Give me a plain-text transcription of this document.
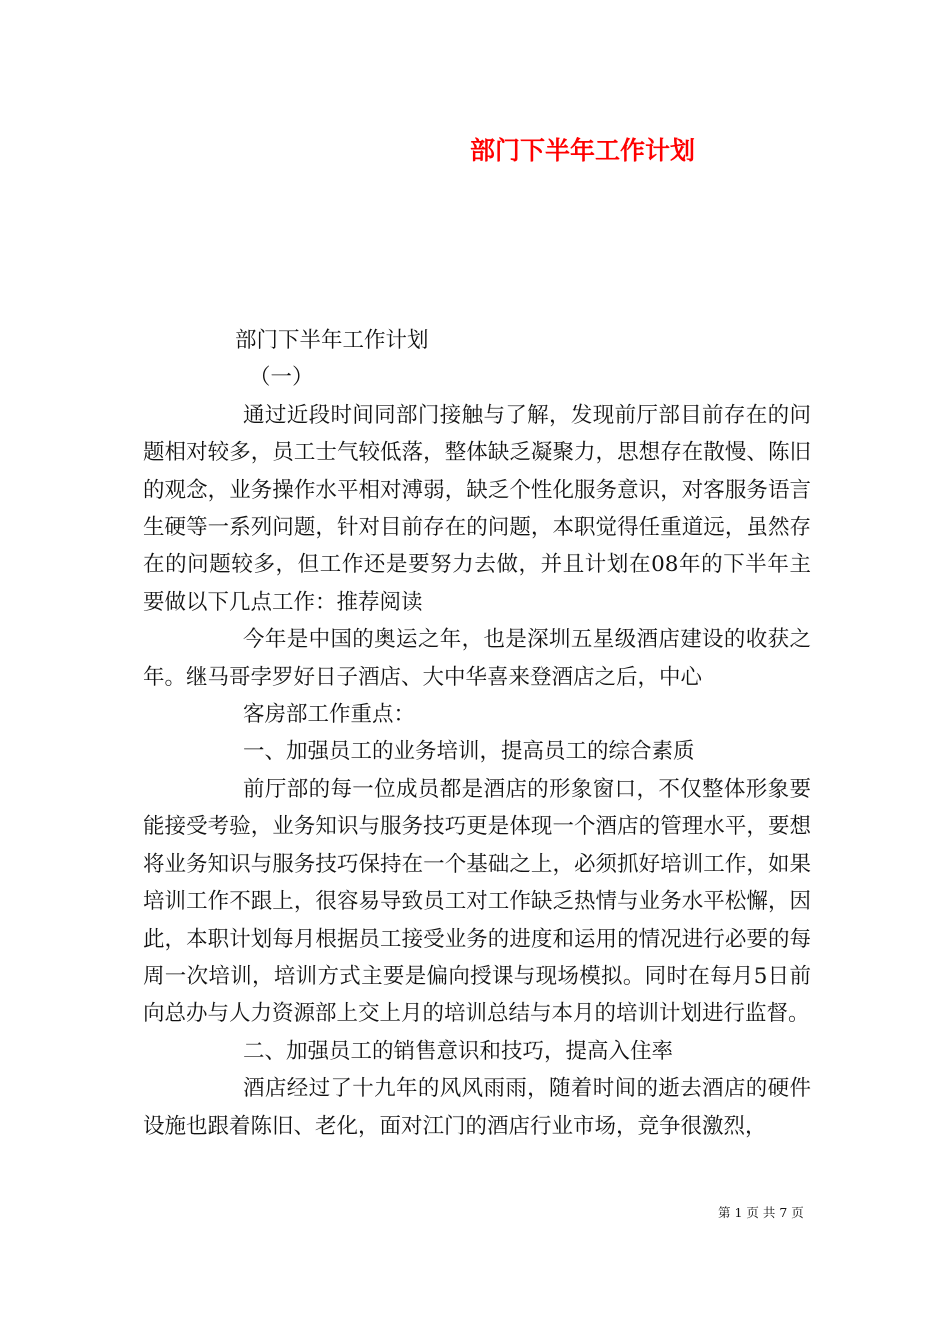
部门下半年工作计划

部门下半年工作计划

（一）

通过近段时间同部门接触与了解，发现前厅部目前存在的问题相对较多，员工士气较低落，整体缺乏凝聚力，思想存在散慢、陈旧的观念，业务操作水平相对溥弱，缺乏个性化服务意识，对客服务语言生硬等一系列问题，针对目前存在的问题，本职觉得任重道远，虽然存在的问题较多，但工作还是要努力去做，并且计划在08年的下半年主要做以下几点工作：推荐阅读

今年是中国的奥运之年，也是深圳五星级酒店建设的收获之年。继马哥孛罗好日子酒店、大中华喜来登酒店之后，中心

客房部工作重点：

一、加强员工的业务培训，提高员工的综合素质

前厅部的每一位成员都是酒店的形象窗口，不仅整体形象要能接受考验，业务知识与服务技巧更是体现一个酒店的管理水平，要想将业务知识与服务技巧保持在一个基础之上，必须抓好培训工作，如果培训工作不跟上，很容易导致员工对工作缺乏热情与业务水平松懈，因此，本职计划每月根据员工接受业务的进度和运用的情况进行必要的每周一次培训，培训方式主要是偏向授课与现场模拟。同时在每月5日前向总办与人力资源部上交上月的培训总结与本月的培训计划进行监督。

二、加强员工的销售意识和技巧，提高入住率

酒店经过了十九年的风风雨雨，随着时间的逝去酒店的硬件设施也跟着陈旧、老化，面对江门的酒店行业市场，竞争很激烈，

第 1 页 共 7 页
